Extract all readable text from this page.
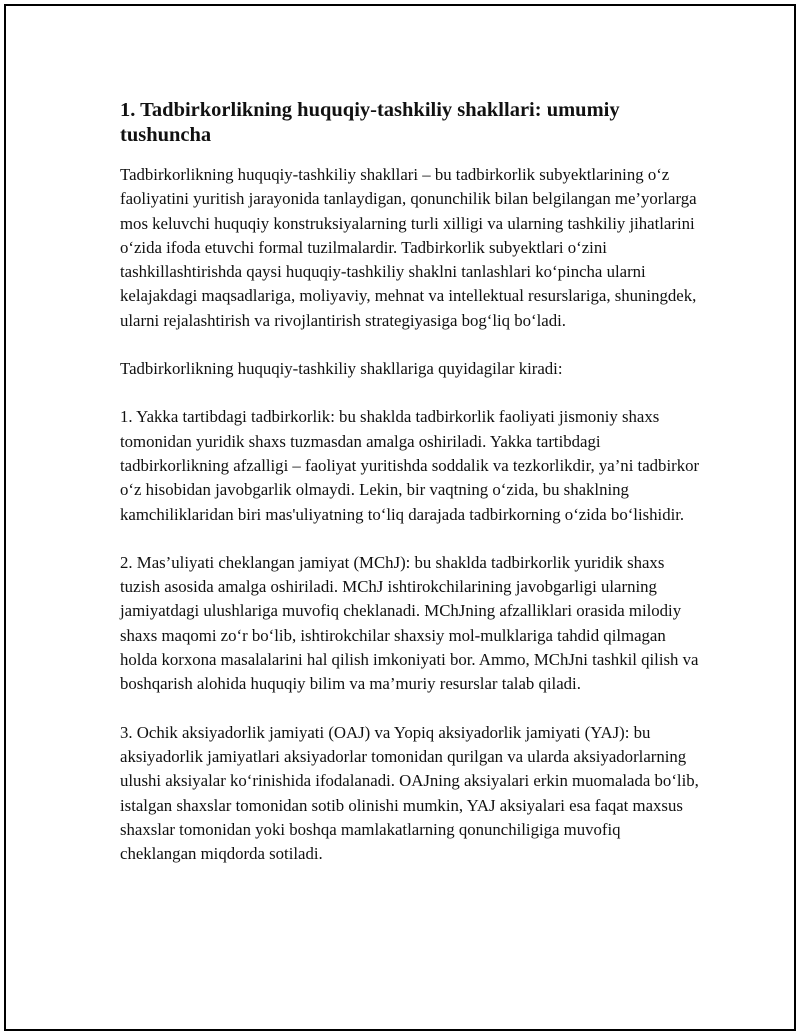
1. Tadbirkorlikning huquqiy-tashkiliy shakllari: umumiy tushuncha

Tadbirkorlikning huquqiy-tashkiliy shakllari – bu tadbirkorlik subyektlarining o‘z faoliyatini yuritish jarayonida tanlaydigan, qonunchilik bilan belgilangan me’yorlarga mos keluvchi huquqiy konstruksiyalarning turli xilligi va ularning tashkiliy jihatlarini o‘zida ifoda etuvchi formal tuzilmalardir. Tadbirkorlik subyektlari o‘zini tashkillashtirishda qaysi huquqiy-tashkiliy shaklni tanlashlari ko‘pincha ularni kelajakdagi maqsadlariga, moliyaviy, mehnat va intellektual resurslariga, shuningdek, ularni rejalashtirish va rivojlantirish strategiyasiga bog‘liq bo‘ladi.

Tadbirkorlikning huquqiy-tashkiliy shakllariga quyidagilar kiradi:

1. Yakka tartibdagi tadbirkorlik: bu shaklda tadbirkorlik faoliyati jismoniy shaxs tomonidan yuridik shaxs tuzmasdan amalga oshiriladi. Yakka tartibdagi tadbirkorlikning afzalligi – faoliyat yuritishda soddalik va tezkorlikdir, ya’ni tadbirkor o‘z hisobidan javobgarlik olmaydi. Lekin, bir vaqtning o‘zida, bu shaklning kamchiliklaridan biri mas'uliyatning to‘liq darajada tadbirkorning o‘zida bo‘lishidir.

2. Mas’uliyati cheklangan jamiyat (MChJ): bu shaklda tadbirkorlik yuridik shaxs tuzish asosida amalga oshiriladi. MChJ ishtirokchilarining javobgarligi ularning jamiyatdagi ulushlariga muvofiq cheklanadi. MChJning afzalliklari orasida milodiy shaxs maqomi zo‘r bo‘lib, ishtirokchilar shaxsiy mol-mulklariga tahdid qilmagan holda korxona masalalarini hal qilish imkoniyati bor. Ammo, MChJni tashkil qilish va boshqarish alohida huquqiy bilim va ma’muriy resurslar talab qiladi.

3. Ochik aksiyadorlik jamiyati (OAJ) va Yopiq aksiyadorlik jamiyati (YAJ): bu aksiyadorlik jamiyatlari aksiyadorlar tomonidan qurilgan va ularda aksiyadorlarning ulushi aksiyalar ko‘rinishida ifodalanadi. OAJning aksiyalari erkin muomalada bo‘lib, istalgan shaxslar tomonidan sotib olinishi mumkin, YAJ aksiyalari esa faqat maxsus shaxslar tomonidan yoki boshqa mamlakatlarning qonunchiligiga muvofiq cheklangan miqdorda sotiladi.
